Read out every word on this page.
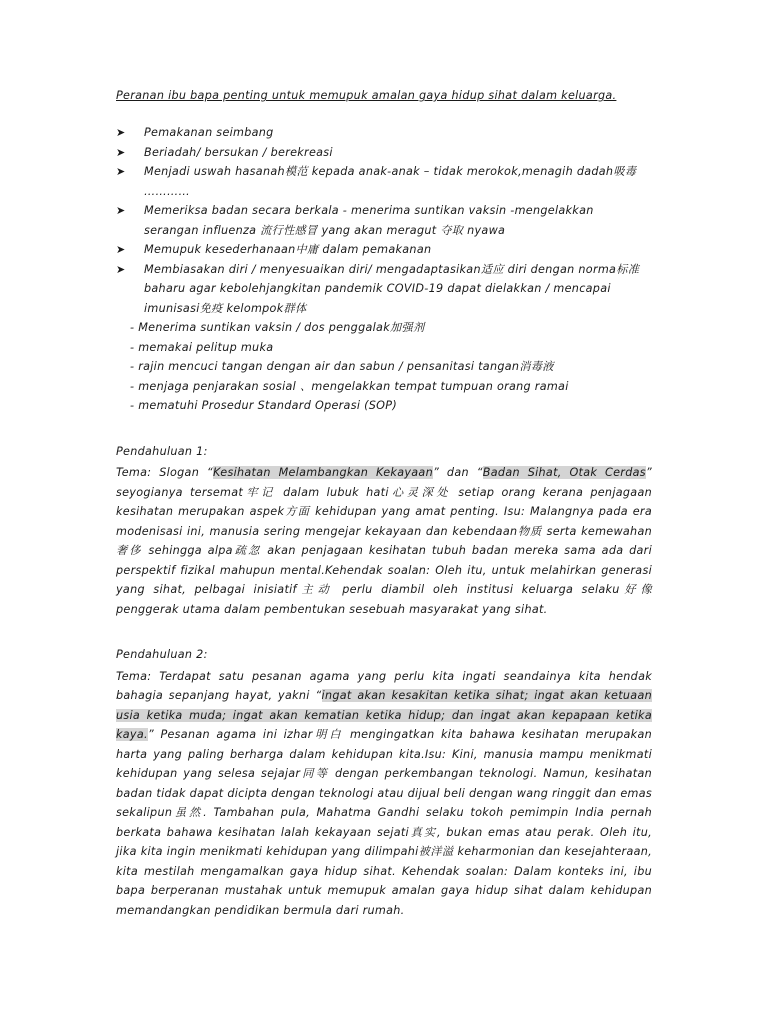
Peranan ibu bapa penting untuk memupuk amalan gaya hidup sihat dalam keluarga.
➤ Pemakanan seimbang
➤ Beriadah/ bersukan / berekreasi
➤ Menjadi uswah hasanah模范 kepada anak-anak – tidak merokok,menagih dadah吸毒 …………
➤ Memeriksa badan secara berkala - menerima suntikan vaksin -mengelakkan serangan influenza 流行性感冒 yang akan meragut 夺取 nyawa
➤ Memupuk kesederhanaan中庸 dalam pemakanan
➤ Membiasakan diri / menyesuaikan diri/ mengadaptasikan适应 diri dengan norma标准 baharu agar kebolehjangkitan pandemik COVID-19 dapat dielakkan / mencapai imunisasi免疫 kelompok群体
- Menerima suntikan vaksin / dos penggalak加强剂
- memakai pelitup muka
- rajin mencuci tangan dengan air dan sabun / pensanitasi tangan消毒液
- menjaga penjarakan sosial 、mengelakkan tempat tumpuan orang ramai
- mematuhi Prosedur Standard Operasi (SOP)
Pendahuluan 1:

Tema: Slogan “Kesihatan Melambangkan Kekayaan” dan “Badan Sihat, Otak Cerdas” seyogianya tersemat牢记 dalam lubuk hati心灵深处 setiap orang kerana penjagaan kesihatan merupakan aspek方面 kehidupan yang amat penting. Isu: Malangnya pada era modenisasi ini, manusia sering mengejar kekayaan dan kebendaan物质 serta kemewahan 奢侈 sehingga alpa疏忽 akan penjagaan kesihatan tubuh badan mereka sama ada dari perspektif fizikal mahupun mental.Kehendak soalan: Oleh itu, untuk melahirkan generasi yang sihat, pelbagai inisiatif主动 perlu diambil oleh institusi keluarga selaku好像 penggerak utama dalam pembentukan sesebuah masyarakat yang sihat.

Pendahuluan 2:

Tema: Terdapat satu pesanan agama yang perlu kita ingati seandainya kita hendak bahagia sepanjang hayat, yakni “ingat akan kesakitan ketika sihat; ingat akan ketuaan usia ketika muda; ingat akan kematian ketika hidup; dan ingat akan kepapaan ketika kaya.” Pesanan agama ini izhar明白 mengingatkan kita bahawa kesihatan merupakan harta yang paling berharga dalam kehidupan kita.Isu: Kini, manusia mampu menikmati kehidupan yang selesa sejajar同等 dengan perkembangan teknologi. Namun, kesihatan badan tidak dapat dicipta dengan teknologi atau dijual beli dengan wang ringgit dan emas sekalipun虽然. Tambahan pula, Mahatma Gandhi selaku tokoh pemimpin India pernah berkata bahawa kesihatan lalah kekayaan sejati真实, bukan emas atau perak. Oleh itu, jika kita ingin menikmati kehidupan yang dilimpahi被洋溢 keharmonian dan kesejahteraan, kita mestilah mengamalkan gaya hidup sihat. Kehendak soalan: Dalam konteks ini, ibu bapa berperanan mustahak untuk memupuk amalan gaya hidup sihat dalam kehidupan memandangkan pendidikan bermula dari rumah.
